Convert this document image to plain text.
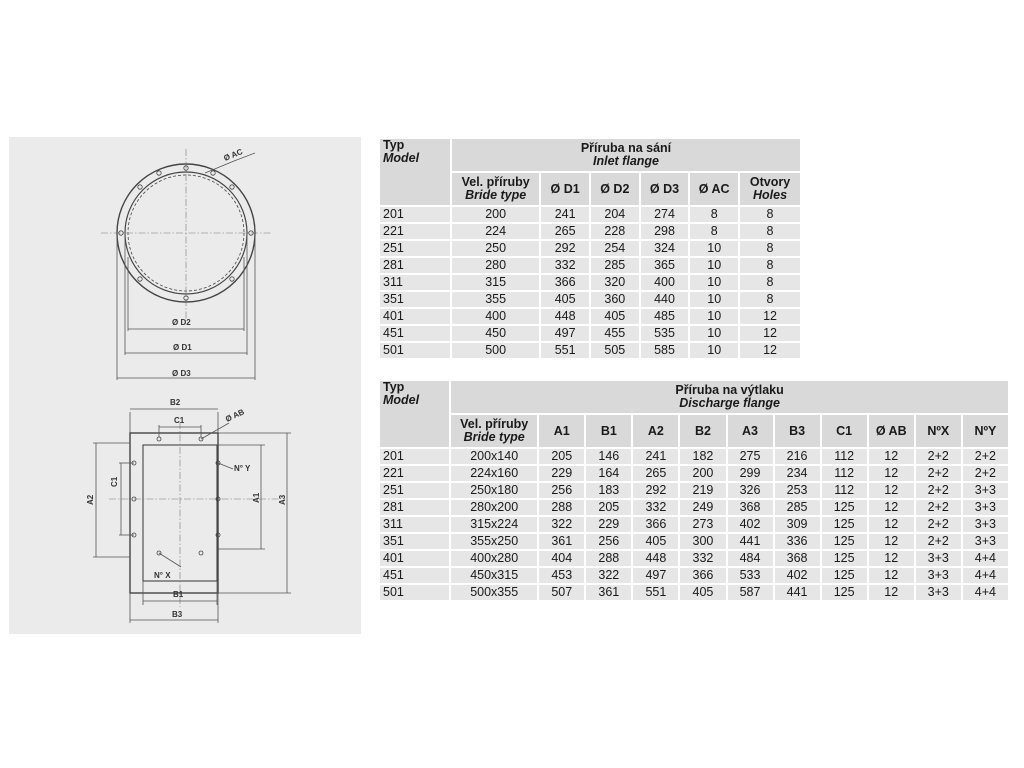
Ø AC
Ø D2
Ø D1
Ø D3
B2
C1	Ø AB
N° Y
C1
A2	A1 A3
N° X
B1
B3
Typ
Model	Příruba na sání
Inlet flange					

	Vel. příruby
Bride type	Ø D1	Ø D2	Ø D3	Ø AC	Otvory
Holes

201	200	241	204	274	8	8
221	224	265	228	298	8	8
251	250	292	254	324	10	8
281	280	332	285	365	10	8
311	315	366	320	400	10	8
351	355	405	360	440	10	8
401	400	448	405	485	10	12
451	450	497	455	535	10	12
501	500	551	505	585	10	12
Typ
Model	Příruba na výtlaku
Discharge flange										

	Vel. příruby
Bride type	A1	B1	A2	B2	A3	B3	C1	Ø AB	NºX	NºY
201	200x140	205	146	241	182	275	216	112	12	2+2	2+2
221	224x160	229	164	265	200	299	234	112	12	2+2	2+2
251	250x180	256	183	292	219	326	253	112	12	2+2	3+3
281	280x200	288	205	332	249	368	285	125	12	2+2	3+3
311	315x224	322	229	366	273	402	309	125	12	2+2	3+3
351	355x250	361	256	405	300	441	336	125	12	2+2	3+3
401	400x280	404	288	448	332	484	368	125	12	3+3	4+4
451	450x315	453	322	497	366	533	402	125	12	3+3	4+4
501	500x355	507	361	551	405	587	441	125	12	3+3	4+4
